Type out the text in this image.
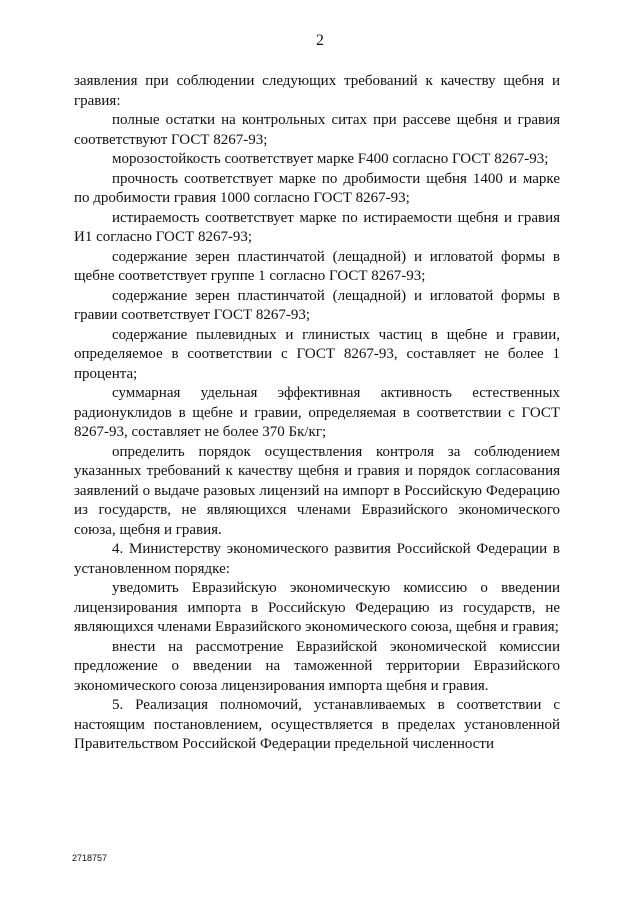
2

заявления при соблюдении следующих требований к качеству щебня и гравия:

полные остатки на контрольных ситах при рассеве щебня и гравия соответствуют ГОСТ 8267-93;

морозостойкость соответствует марке F400 согласно ГОСТ 8267-93;

прочность соответствует марке по дробимости щебня 1400 и марке по дробимости гравия 1000 согласно ГОСТ 8267-93;

истираемость соответствует марке по истираемости щебня и гравия И1 согласно ГОСТ 8267-93;

содержание зерен пластинчатой (лещадной) и игловатой формы в щебне соответствует группе 1 согласно ГОСТ 8267-93;

содержание зерен пластинчатой (лещадной) и игловатой формы в гравии соответствует ГОСТ 8267-93;

содержание пылевидных и глинистых частиц в щебне и гравии, определяемое в соответствии с ГОСТ 8267-93, составляет не более 1 процента;

суммарная удельная эффективная активность естественных радионуклидов в щебне и гравии, определяемая в соответствии с ГОСТ 8267-93, составляет не более 370 Бк/кг;

определить порядок осуществления контроля за соблюдением указанных требований к качеству щебня и гравия и порядок согласования заявлений о выдаче разовых лицензий на импорт в Российскую Федерацию из государств, не являющихся членами Евразийского экономического союза, щебня и гравия.

4. Министерству экономического развития Российской Федерации в установленном порядке:

уведомить Евразийскую экономическую комиссию о введении лицензирования импорта в Российскую Федерацию из государств, не являющихся членами Евразийского экономического союза, щебня и гравия;

внести на рассмотрение Евразийской экономической комиссии предложение о введении на таможенной территории Евразийского экономического союза лицензирования импорта щебня и гравия.

5. Реализация полномочий, устанавливаемых в соответствии с настоящим постановлением, осуществляется в пределах установленной Правительством Российской Федерации предельной численности

2718757
